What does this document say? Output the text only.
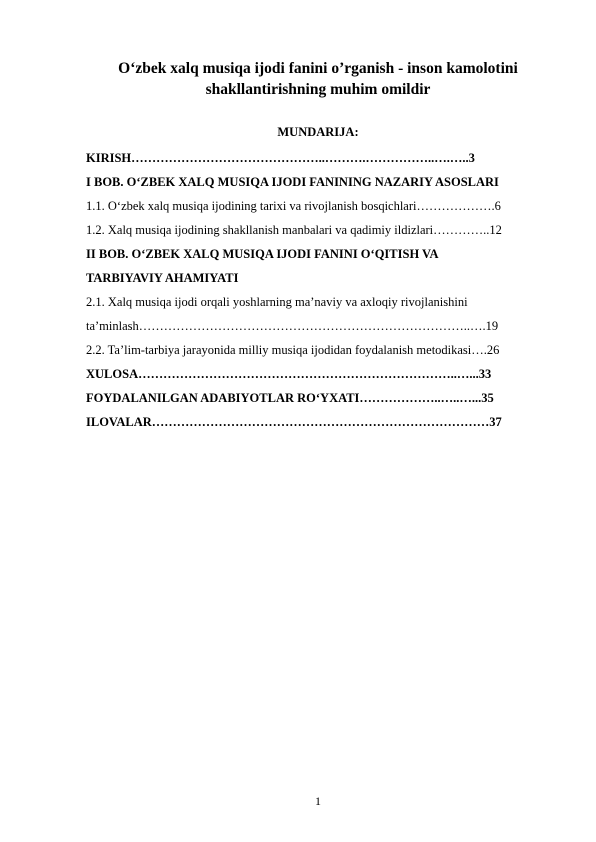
O‘zbek xalq musiqa ijodi fanini o’rganish - inson kamolotini
shakllantirishning muhim omildir
MUNDARIJA:
KIRISH………………………………………..……….……………..….…..3
I BOB. O‘ZBEK XALQ MUSIQA IJODI FANINING NAZARIY ASOSLARI
1.1. O‘zbek xalq musiqa ijodining tarixi va rivojlanish bosqichlari……………….6
1.2. Xalq musiqa ijodining shakllanish manbalari va qadimiy ildizlari…………..12
II BOB. O‘ZBEK XALQ MUSIQA IJODI FANINI O‘QITISH VA
TARBIYAVIY AHAMIYATI
2.1. Xalq musiqa ijodi orqali yoshlarning ma’naviy va axloqiy rivojlanishini
ta’minlash……………………………………………………………………..….19
2.2. Ta’lim-tarbiya jarayonida milliy musiqa ijodidan foydalanish metodikasi….26
XULOSA…………………………………………………………………..…...33
FOYDALANILGAN ADABIYOTLAR RO‘YXATI………………..…..…...35
ILOVALAR………………………………………………………………………37
1
